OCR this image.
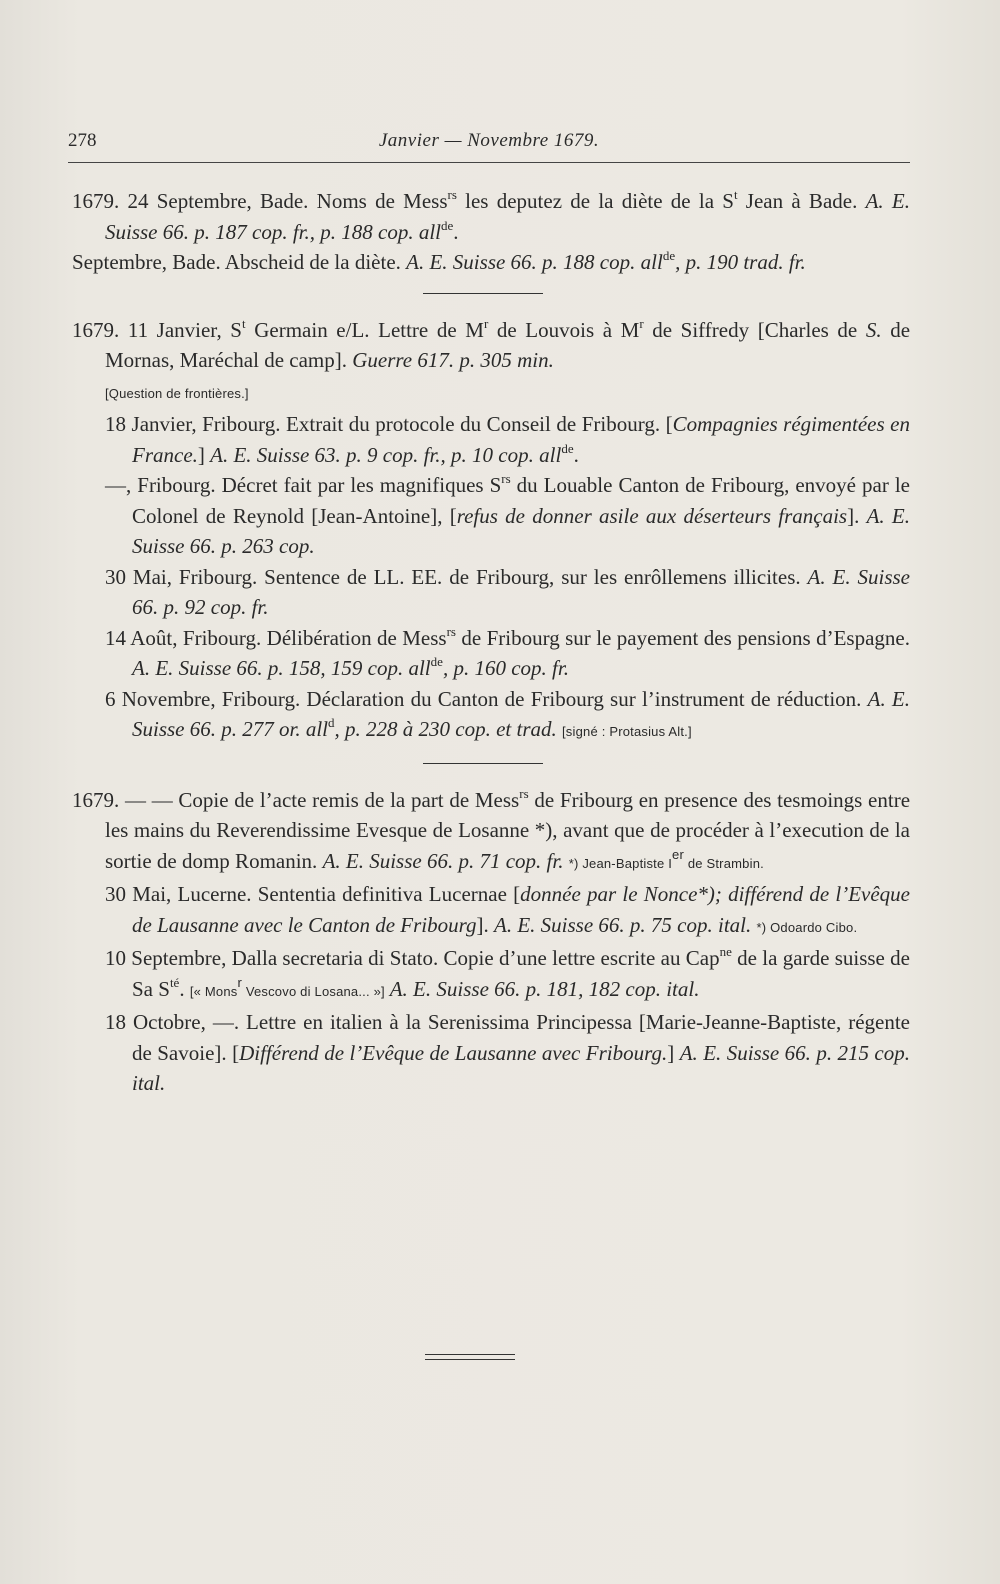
278	Janvier — Novembre 1679.

1679. 24 Septembre, Bade. Noms de Mess$^{rs}$ les deputez de la diète de la $S^t$ Jean à Bade. A. E. Suisse 66. p. 187 cop. fr., p. 188 cop. all$^{de}$.

Septembre, Bade. Abscheid de la diète. A. E. Suisse 66. p. 188 cop. all$^{de}$, p. 190 trad. fr.

1679. 11 Janvier, $S^t$ Germain e/L. Lettre de $M^r$ de Louvois à $M^r$ de Siffredy [Charles de S. de Mornas, Maréchal de camp]. Guerre 617. p. 305 min.
[Question de frontières.]

18 Janvier, Fribourg. Extrait du protocole du Conseil de Fribourg. [Compagnies régimentées en France.] A. E. Suisse 63. p. 9 cop. fr., p. 10 cop. all$^{de}$.

—, Fribourg. Décret fait par les magnifiques $S^{rs}$ du Louable Canton de Fribourg, envoyé par le Colonel de Reynold [Jean-Antoine], [refus de donner asile aux déserteurs français]. A. E. Suisse 66. p. 263 cop.

30 Mai, Fribourg. Sentence de LL. EE. de Fribourg, sur les enrôllemens illicites. A. E. Suisse 66. p. 92 cop. fr.

14 Août, Fribourg. Délibération de Mess$^{rs}$ de Fribourg sur le payement des pensions d’Espagne. A. E. Suisse 66. p. 158, 159 cop. all$^{de}$, p. 160 cop. fr.

6 Novembre, Fribourg. Déclaration du Canton de Fribourg sur l’instrument de réduction. A. E. Suisse 66. p. 277 or. all$^d$, p. 228 à 230 cop. et trad. [signé : Protasius Alt.]

1679. — — Copie de l’acte remis de la part de Mess$^{rs}$ de Fribourg en presence des tesmoings entre les mains du Reverendissime Evesque de Losanne *), avant que de procéder à l’execution de la sortie de domp Romanin. A. E. Suisse 66. p. 71 cop. fr. *) Jean-Baptiste Ier de Strambin.

30 Mai, Lucerne. Sententia definitiva Lucernae [donnée par le Nonce*); différend de l’Evêque de Lausanne avec le Canton de Fribourg]. A. E. Suisse 66. p. 75 cop. ital. *) Odoardo Cibo.

10 Septembre, Dalla secretaria di Stato. Copie d’une lettre escrite au Cap$^{ne}$ de la garde suisse de Sa $S^{té}$. [« Mons$^r$ Vescovo di Losana... »] A. E. Suisse 66. p. 181, 182 cop. ital.

18 Octobre, —. Lettre en italien à la Serenissima Principessa [Marie-Jeanne-Baptiste, régente de Savoie]. [Différend de l’Evêque de Lausanne avec Fribourg.] A. E. Suisse 66. p. 215 cop. ital.
